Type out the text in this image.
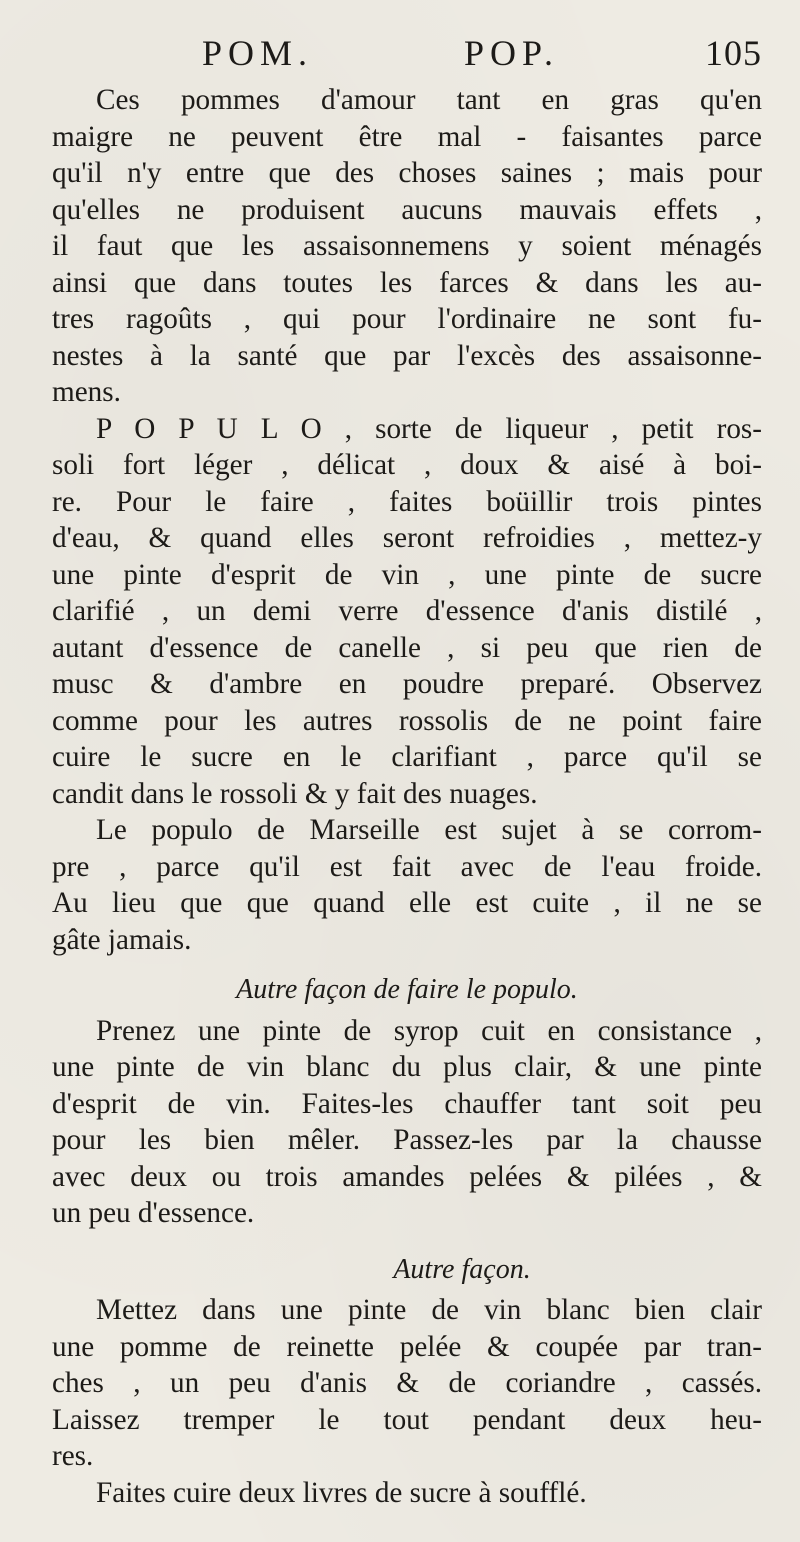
POM.	POP.	105

Ces pommes d'amour tant en gras qu'en
maigre ne peuvent être mal - faisantes parce
qu'il n'y entre que des choses saines ; mais pour
qu'elles ne produisent aucuns mauvais effets ,
il faut que les assaisonnemens y soient ménagés
ainsi que dans toutes les farces & dans les au-
tres ragoûts , qui pour l'ordinaire ne sont fu-
nestes à la santé que par l'excès des assaisonne-
mens.

P O P U L O , sorte de liqueur , petit ros-
soli fort léger , délicat , doux & aisé à boi-
re. Pour le faire , faites boüillir trois pintes
d'eau, & quand elles seront refroidies , mettez-y
une pinte d'esprit de vin , une pinte de sucre
clarifié , un demi verre d'essence d'anis distilé ,
autant d'essence de canelle , si peu que rien de
musc & d'ambre en poudre preparé. Observez
comme pour les autres rossolis de ne point faire
cuire le sucre en le clarifiant , parce qu'il se
candit dans le rossoli & y fait des nuages.

Le populo de Marseille est sujet à se corrom-
pre , parce qu'il est fait avec de l'eau froide.
Au lieu que que quand elle est cuite , il ne se
gâte jamais.

Autre façon de faire le populo.

Prenez une pinte de syrop cuit en consistance ,
une pinte de vin blanc du plus clair, & une pinte
d'esprit de vin. Faites-les chauffer tant soit peu
pour les bien mêler. Passez-les par la chausse
avec deux ou trois amandes pelées & pilées , &
un peu d'essence.

Autre façon.

Mettez dans une pinte de vin blanc bien clair
une pomme de reinette pelée & coupée par tran-
ches , un peu d'anis & de coriandre , cassés.
Laissez tremper le tout pendant deux heu-
res.

Faites cuire deux livres de sucre à soufflé.
